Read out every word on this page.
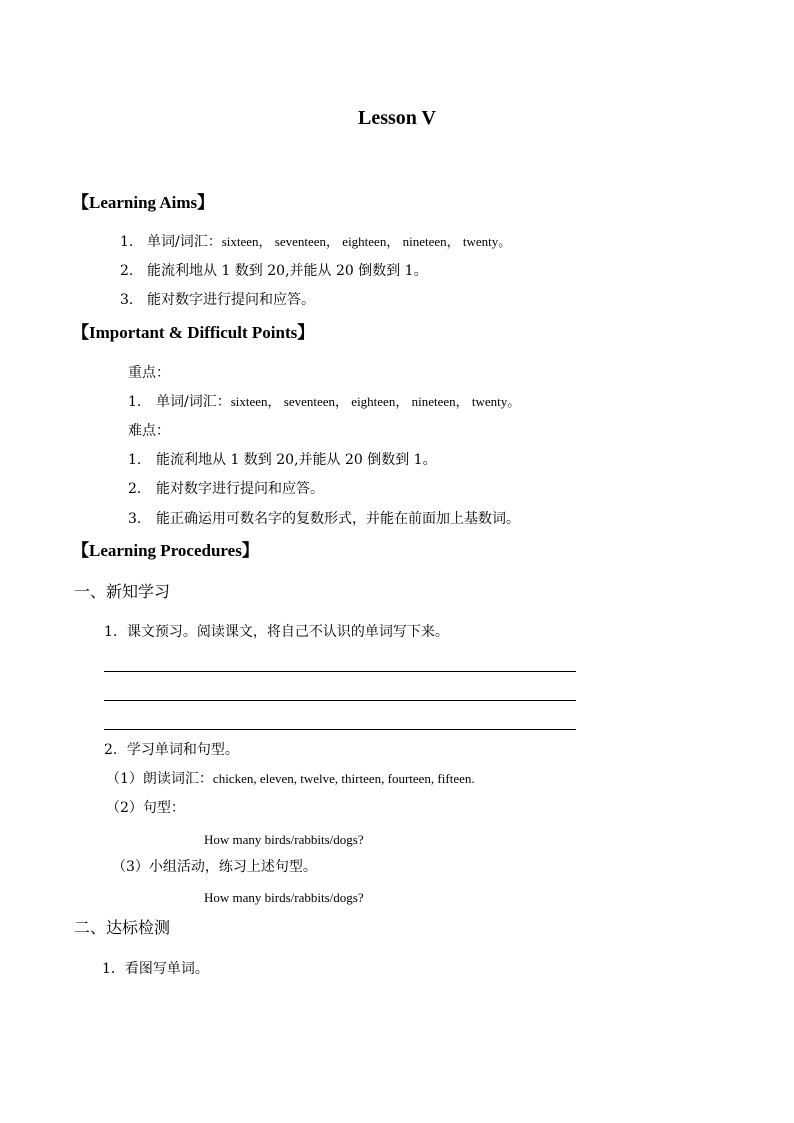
Lesson V
【Learning Aims】
1. 单词/词汇：sixteen， seventeen， eighteen， nineteen， twenty。
2. 能流利地从 1 数到 20,并能从 20 倒数到 1。
3. 能对数字进行提问和应答。
【Important & Difficult Points】
重点：
1. 单词/词汇：sixteen， seventeen， eighteen， nineteen， twenty。
难点：
1. 能流利地从 1 数到 20,并能从 20 倒数到 1。
2. 能对数字进行提问和应答。
3. 能正确运用可数名字的复数形式，并能在前面加上基数词。
【Learning Procedures】
一、新知学习
1．课文预习。阅读课文，将自己不认识的单词写下来。
2．学习单词和句型。
（1）朗读词汇：chicken, eleven, twelve, thirteen, fourteen, fifteen.
（2）句型：
How many birds/rabbits/dogs?
（3）小组活动，练习上述句型。
How many birds/rabbits/dogs?
二、达标检测
1．看图写单词。
